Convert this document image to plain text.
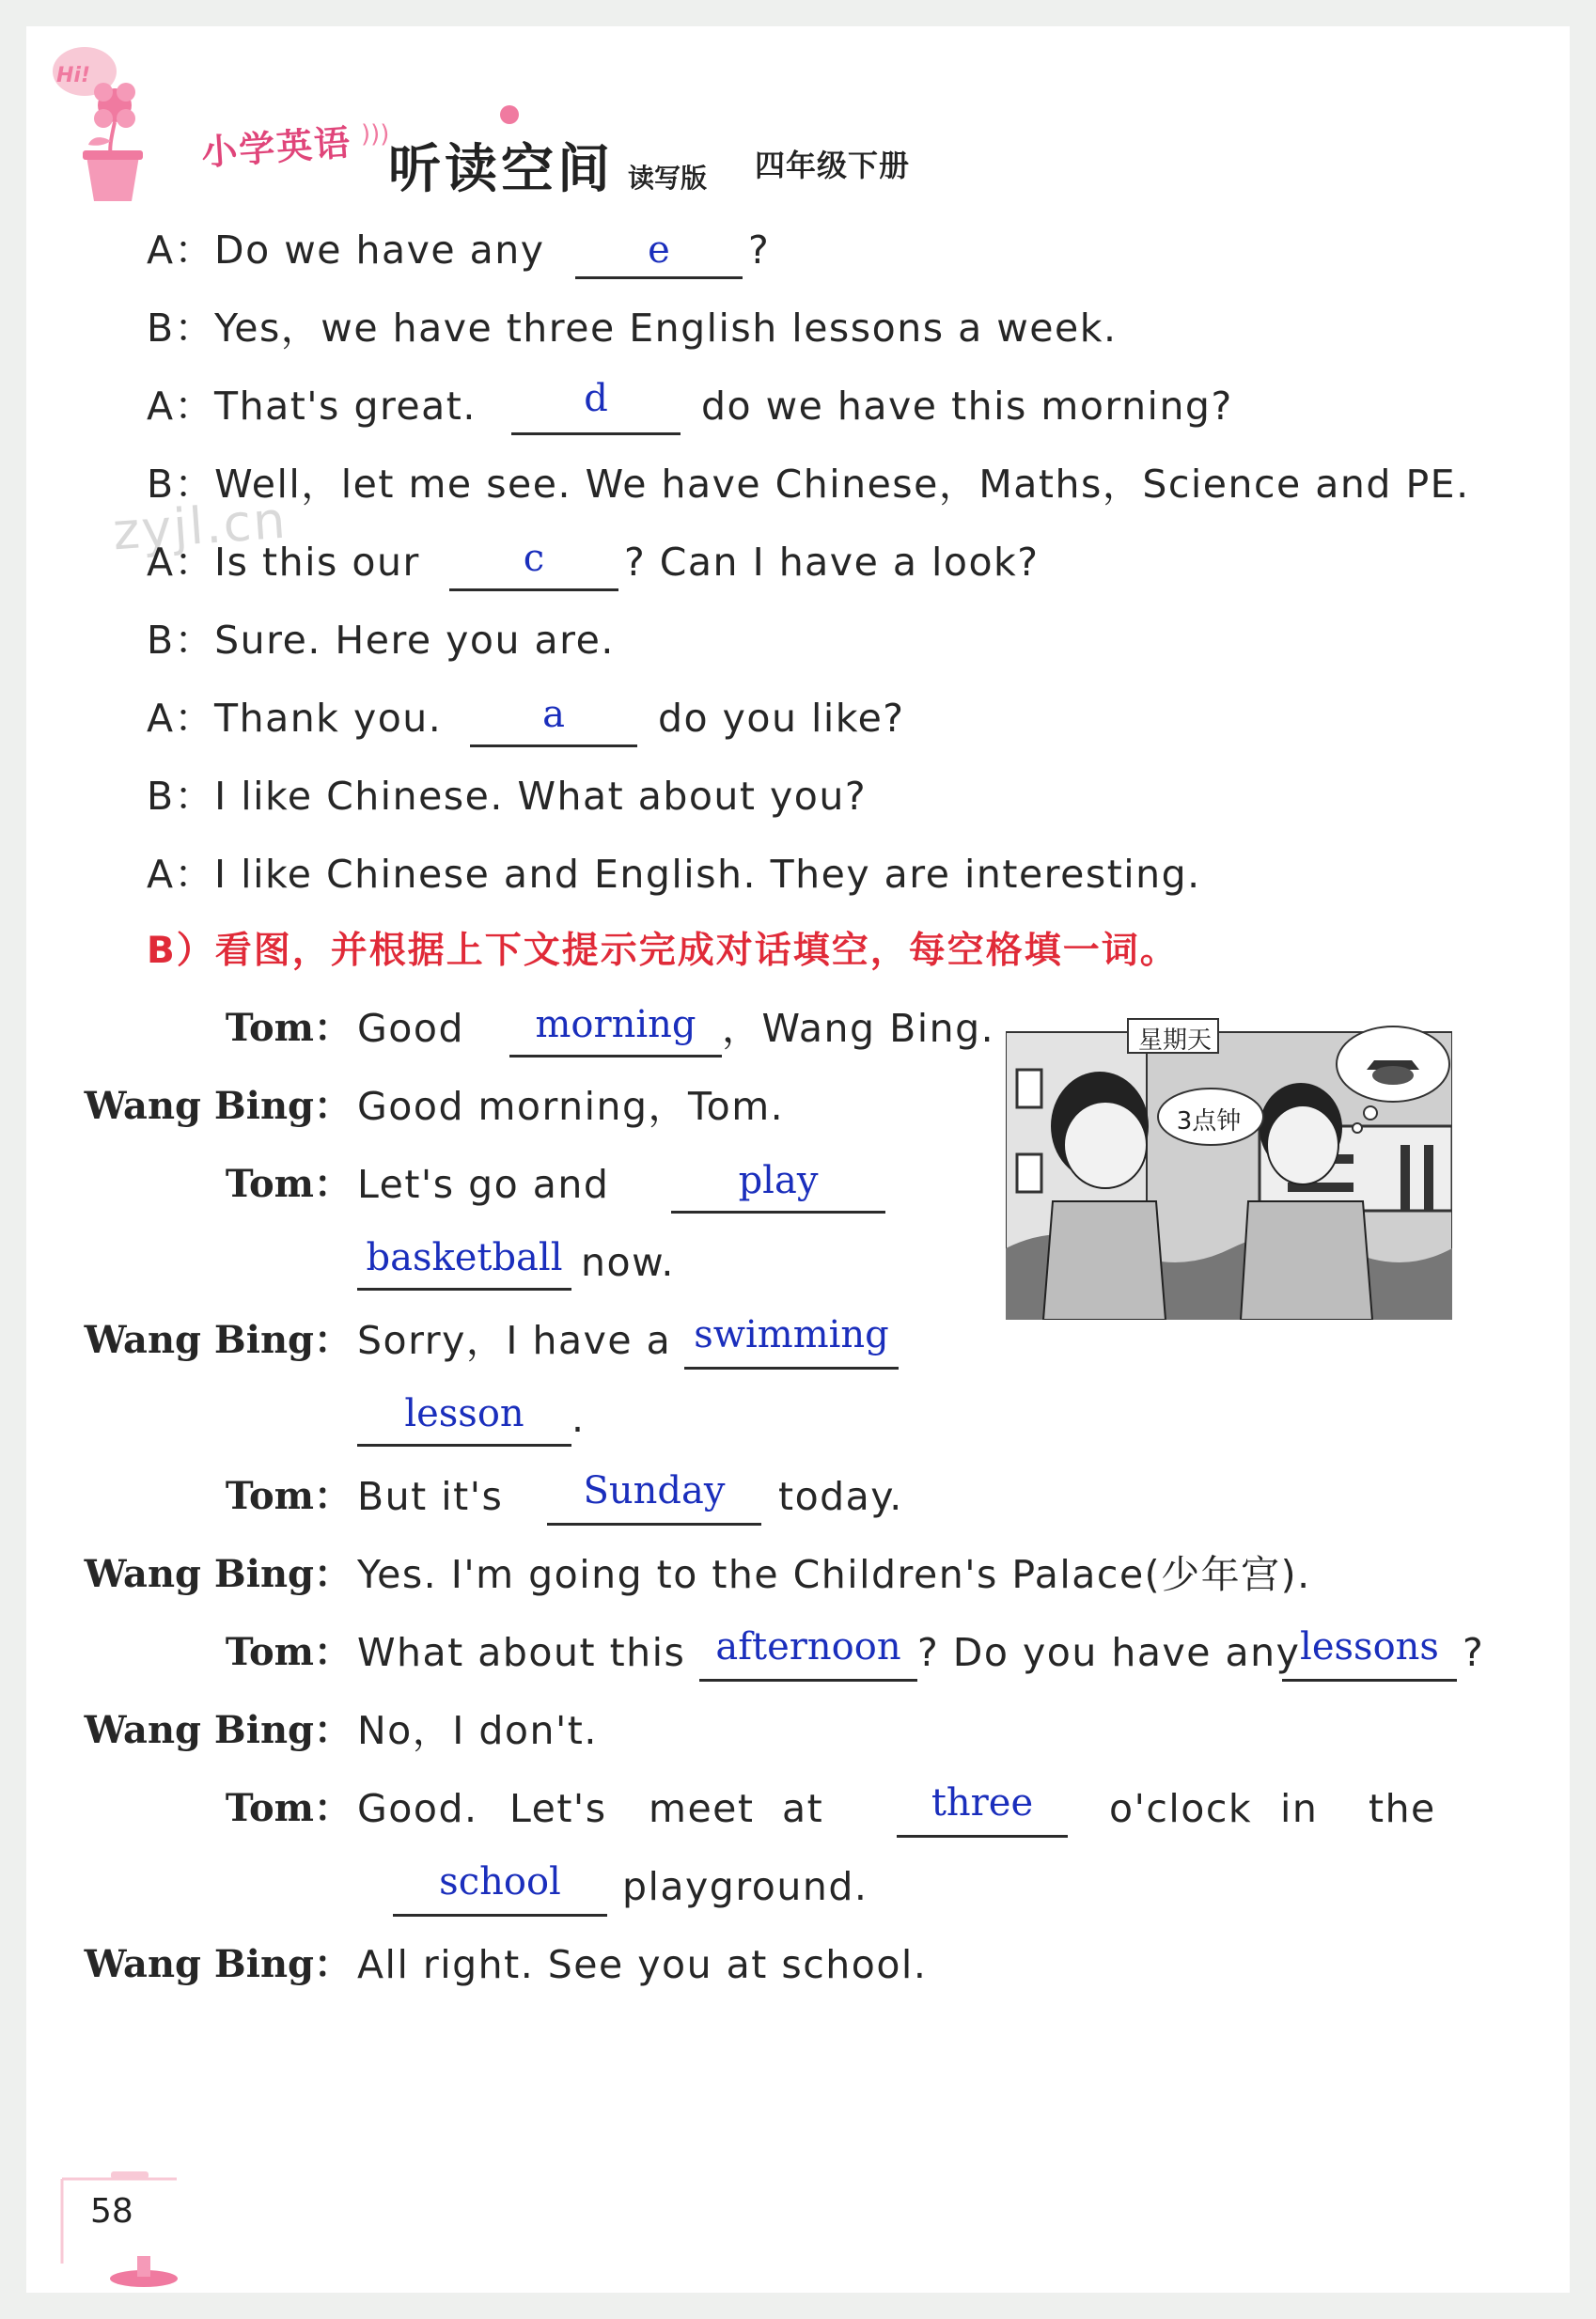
Hi!
小学英语 )))
听读空间 读写版 四年级下册
zyjl.cn
A：Do we have any	e	?
B：Yes，we have three English lessons a week.
A：That's great.	d	do we have this morning?
B：Well，let me see. We have Chinese，Maths，Science and PE.
A：Is this our	c	? Can I have a look?
B：Sure. Here you are.
A：Thank you.	a	do you like?
B：I like Chinese. What about you?
A：I like Chinese and English. They are interesting.
B）看图，并根据上下文提示完成对话填空，每空格填一词。
星期天
3点钟
Tom： Good	morning ，Wang Bing.
Wang Bing： Good morning，Tom.
Tom： Let's go and	play
basketball now.
Wang Bing： Sorry，I have a swimming
lesson	.
Tom： But it's	Sunday	today.
Wang Bing： Yes. I'm going to the Children's Palace(少年宫).
Tom： What about this afternoon ? Do you have any lessons ?
Wang Bing： No，I don't.
Tom： Good. Let's meet at	three	o'clock in the
school	playground.
Wang Bing： All right. See you at school.
58
